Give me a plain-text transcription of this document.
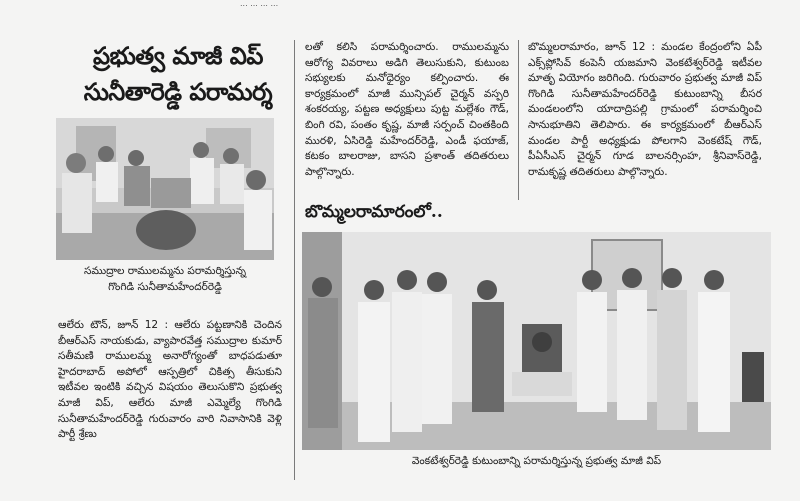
... ... ... ...
ప్రభుత్వ మాజీ విప్
సునీతారెడ్డి పరామర్శ
సముద్రాల రాములమ్మను పరామర్శిస్తున్న
గొంగిడి సునీతామహేందర్‌రెడ్డి

ఆలేరు టౌన్, జూన్ 12 : ఆలేరు పట్టణానికి చెందిన బీఆర్‌ఎస్ నాయకుడు, వ్యాపారవేత్త సముద్రాల కుమార్ సతీమణి రాములమ్మ అనారోగ్యంతో బాధపడుతూ హైదరాబాద్ అపోలో ఆస్పత్రిలో చికిత్స తీసుకుని ఇటీవల ఇంటికి వచ్చిన విషయం తెలుసుకొని ప్రభుత్వ మాజీ విప్, ఆలేరు మాజీ ఎమ్మెల్యే గొంగిడి సునీతామహేందర్‌రెడ్డి గురువారం వారి నివాసానికి వెళ్లి పార్టీ శ్రేణు

లతో కలిసి పరామర్శించారు. రాములమ్మను ఆరోగ్య వివరాలు అడిగి తెలుసుకుని, కుటుంబ సభ్యులకు మనోధైర్యం కల్పించారు. ఈ కార్యక్రమంలో మాజీ మున్సిపల్ చైర్మన్ వస్పరి శంకరయ్య, పట్టణ అధ్యక్షులు పుట్ట మల్లేశం గౌడ్, బింగి రవి, పంతం కృష్ణ, మాజీ సర్పంచ్ చింతకింది మురళి, ఏసిరెడ్డి మహేందర్‌రెడ్డి, ఎండీ ఫయాజ్, కటకం బాలరాజు, బాసని ప్రశాంత్ తదితరులు పాల్గొన్నారు.

బొమ్మలరామారంలో..

బొమ్మలరామారం, జూన్ 12 : మండల కేంద్రంలోని ఏపీ ఎక్స్‌ప్లోసివ్ కంపెనీ యజమాని వెంకటేశ్వర్‌రెడ్డి ఇటీవల మాతృ వియోగం జరిగింది. గురువారం ప్రభుత్వ మాజీ విప్ గొంగిడి సునీతామహేందర్‌రెడ్డి కుటుంబాన్ని బీసర మండలంలోని యాదాద్రిపల్లి గ్రామంలో పరామర్శించి సానుభూతిని తెలిపారు. ఈ కార్యక్రమంలో బీఆర్‌ఎస్ మండల పార్టీ అధ్యక్షుడు పోలగాని వెంకటేష్ గౌడ్, పీఏసీఎస్ చైర్మన్ గూడ బాలనర్సింహ, శ్రీనివాస్‌రెడ్డి, రామకృష్ణ తదితరులు పాల్గొన్నారు.

వెంకటేశ్వర్‌రెడ్డి కుటుంబాన్ని పరామర్శిస్తున్న ప్రభుత్వ మాజీ విప్
